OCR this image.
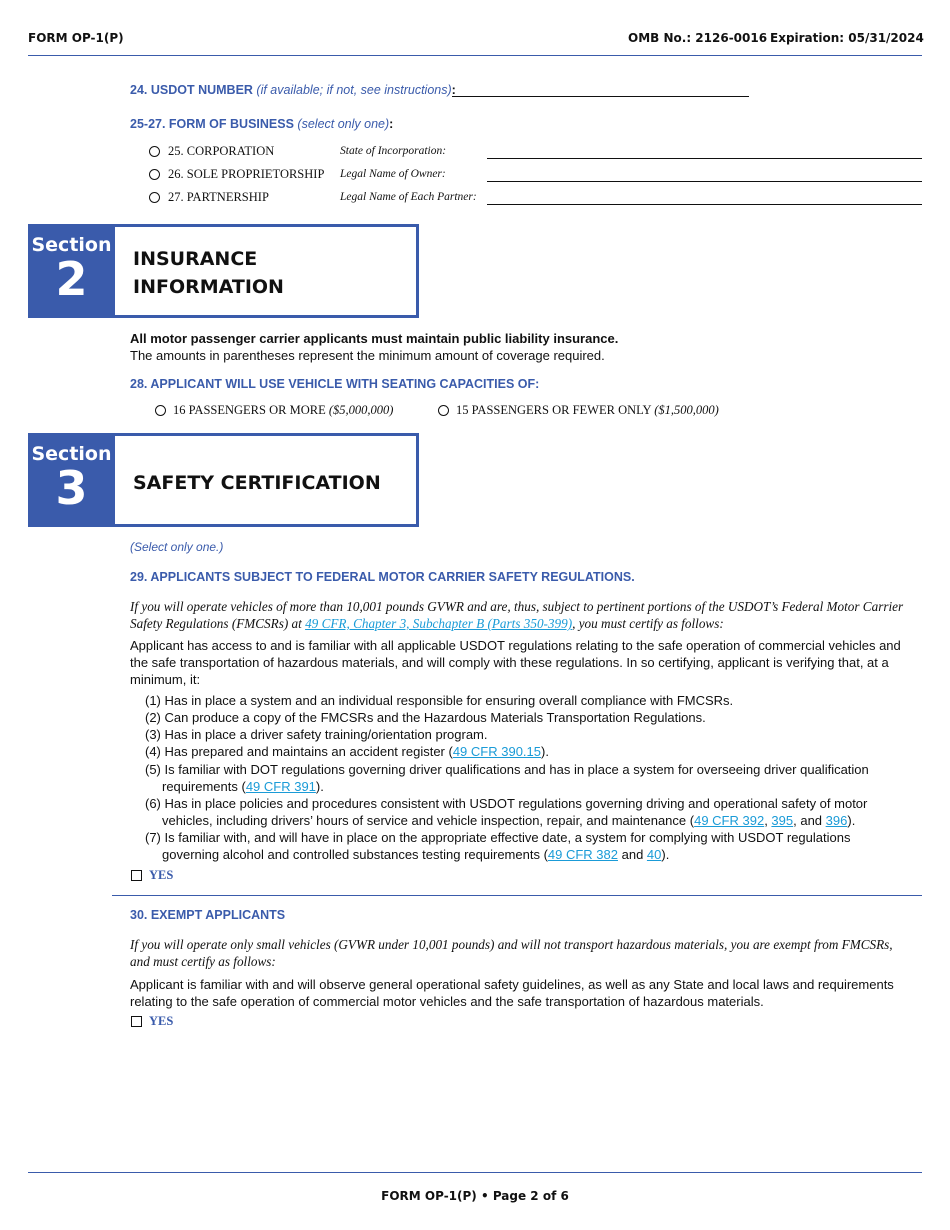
FORM OP-1(P)	OMB No.: 2126-0016 Expiration: 05/31/2024
24. USDOT NUMBER (if available; if not, see instructions):
25-27. FORM OF BUSINESS (select only one):
25. CORPORATION	State of Incorporation:
26. SOLE PROPRIETORSHIP Legal Name of Owner:
27. PARTNERSHIP	Legal Name of Each Partner:
Section
2	INSURANCE
INFORMATION
All motor passenger carrier applicants must maintain public liability insurance.
The amounts in parentheses represent the minimum amount of coverage required.
28. APPLICANT WILL USE VEHICLE WITH SEATING CAPACITIES OF:
16 PASSENGERS OR MORE ($5,000,000)	15 PASSENGERS OR FEWER ONLY ($1,500,000)
Section
3	SAFETY CERTIFICATION
(Select only one.)
29. APPLICANTS SUBJECT TO FEDERAL MOTOR CARRIER SAFETY REGULATIONS.
If you will operate vehicles of more than 10,001 pounds GVWR and are, thus, subject to pertinent portions of the USDOT’s Federal Motor Carrier Safety Regulations (FMCSRs) at 49 CFR, Chapter 3, Subchapter B (Parts 350-399), you must certify as follows:
Applicant has access to and is familiar with all applicable USDOT regulations relating to the safe operation of commercial vehicles and the safe transportation of hazardous materials, and will comply with these regulations. In so certifying, applicant is verifying that, at a minimum, it:
(1) Has in place a system and an individual responsible for ensuring overall compliance with FMCSRs.
(2) Can produce a copy of the FMCSRs and the Hazardous Materials Transportation Regulations.
(3) Has in place a driver safety training/orientation program.
(4) Has prepared and maintains an accident register (49 CFR 390.15).
(5) Is familiar with DOT regulations governing driver qualifications and has in place a system for overseeing driver qualification
requirements (49 CFR 391).
(6) Has in place policies and procedures consistent with USDOT regulations governing driving and operational safety of motor
vehicles, including drivers’ hours of service and vehicle inspection, repair, and maintenance (49 CFR 392, 395, and 396).
(7) Is familiar with, and will have in place on the appropriate effective date, a system for complying with USDOT regulations
governing alcohol and controlled substances testing requirements (49 CFR 382 and 40).
YES
30. EXEMPT APPLICANTS
If you will operate only small vehicles (GVWR under 10,001 pounds) and will not transport hazardous materials, you are exempt from FMCSRs, and must certify as follows:
Applicant is familiar with and will observe general operational safety guidelines, as well as any State and local laws and requirements relating to the safe operation of commercial motor vehicles and the safe transportation of hazardous materials.
YES
FORM OP-1(P) • Page 2 of 6
